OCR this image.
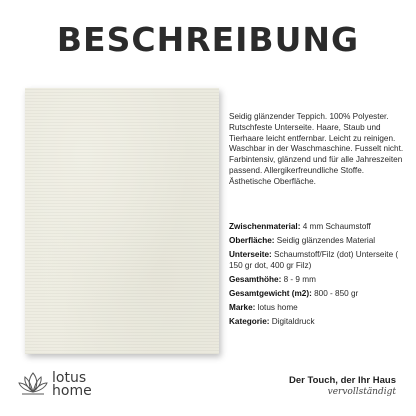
BESCHREIBUNG
Seidig glänzender Teppich. 100% Polyester. Rutschfeste Unterseite. Haare, Staub und Tierhaare leicht entfernbar. Leicht zu reinigen. Waschbar in der Waschmaschine. Fusselt nicht. Farbintensiv, glänzend und für alle Jahreszeiten passend. Allergikerfreundliche Stoffe. Ästhetische Oberfläche.
Zwischenmaterial: 4 mm Schaumstoff
Oberfläche: Seidig glänzendes Material
Unterseite: Schaumstoff/Filz (dot) Unterseite ( 150 gr dot, 400 gr Filz)
Gesamthöhe: 8 - 9 mm
Gesamtgewicht (m2): 800 - 850 gr
Marke: lotus home
Kategorie: Digitaldruck
lotus
home
Der Touch, der Ihr Haus
vervollständigt
